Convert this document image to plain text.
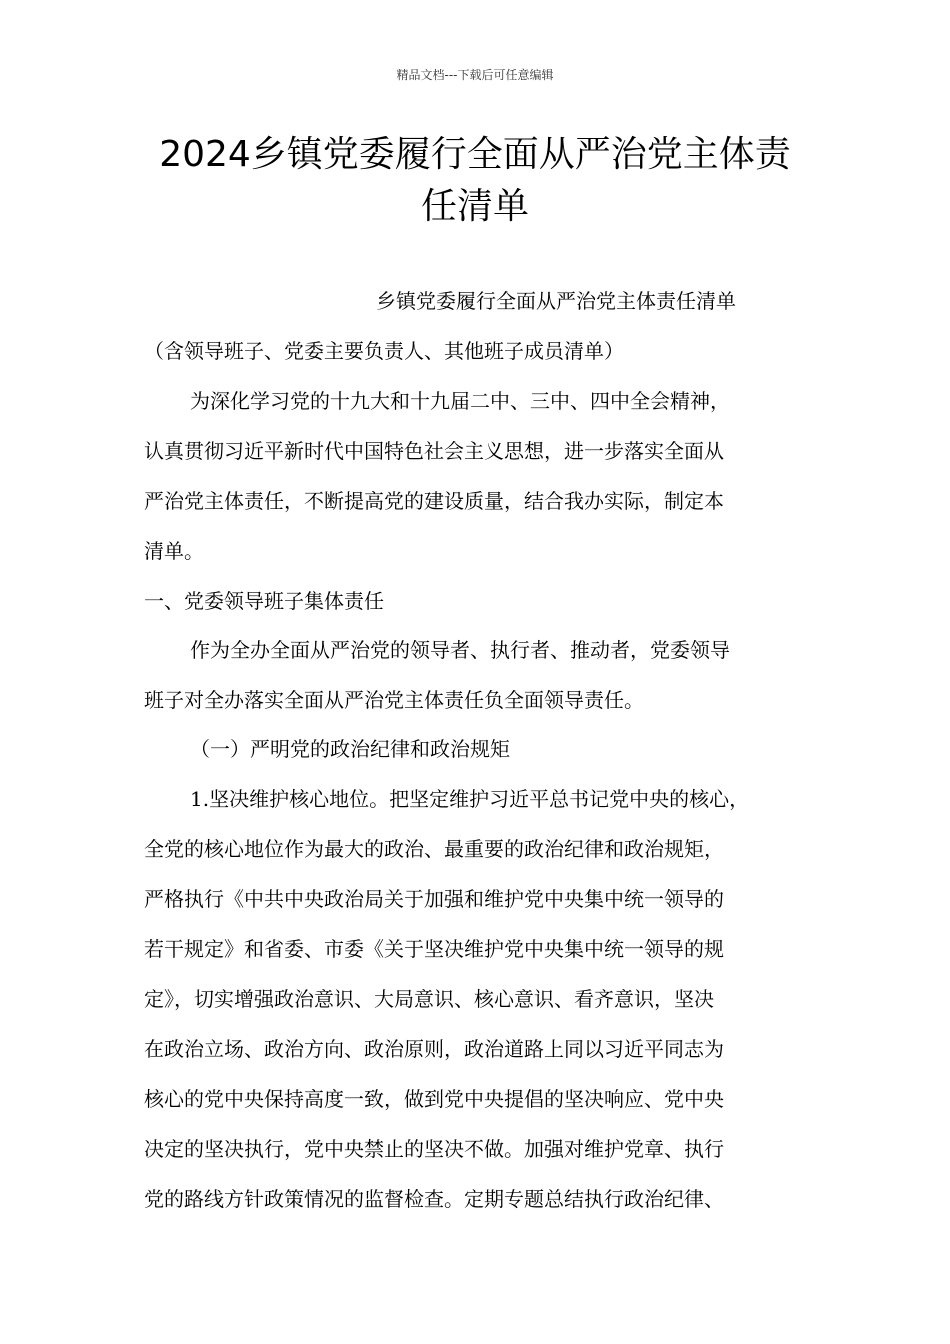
精品文档---下载后可任意编辑
2024乡镇党委履行全面从严治党主体责
任清单
乡镇党委履行全面从严治党主体责任清单
（含领导班子、党委主要负责人、其他班子成员清单）
为深化学习党的十九大和十九届二中、三中、四中全会精神，
认真贯彻习近平新时代中国特色社会主义思想，进一步落实全面从
严治党主体责任，不断提高党的建设质量，结合我办实际，制定本
清单。
一、党委领导班子集体责任
作为全办全面从严治党的领导者、执行者、推动者，党委领导
班子对全办落实全面从严治党主体责任负全面领导责任。
（一）严明党的政治纪律和政治规矩
1.坚决维护核心地位。把坚定维护习近平总书记党中央的核心，
全党的核心地位作为最大的政治、最重要的政治纪律和政治规矩，
严格执行《中共中央政治局关于加强和维护党中央集中统一领导的
若干规定》和省委、市委《关于坚决维护党中央集中统一领导的规
定》，切实增强政治意识、大局意识、核心意识、看齐意识，坚决
在政治立场、政治方向、政治原则，政治道路上同以习近平同志为
核心的党中央保持高度一致，做到党中央提倡的坚决响应、党中央
决定的坚决执行，党中央禁止的坚决不做。加强对维护党章、执行
党的路线方针政策情况的监督检查。定期专题总结执行政治纪律、
